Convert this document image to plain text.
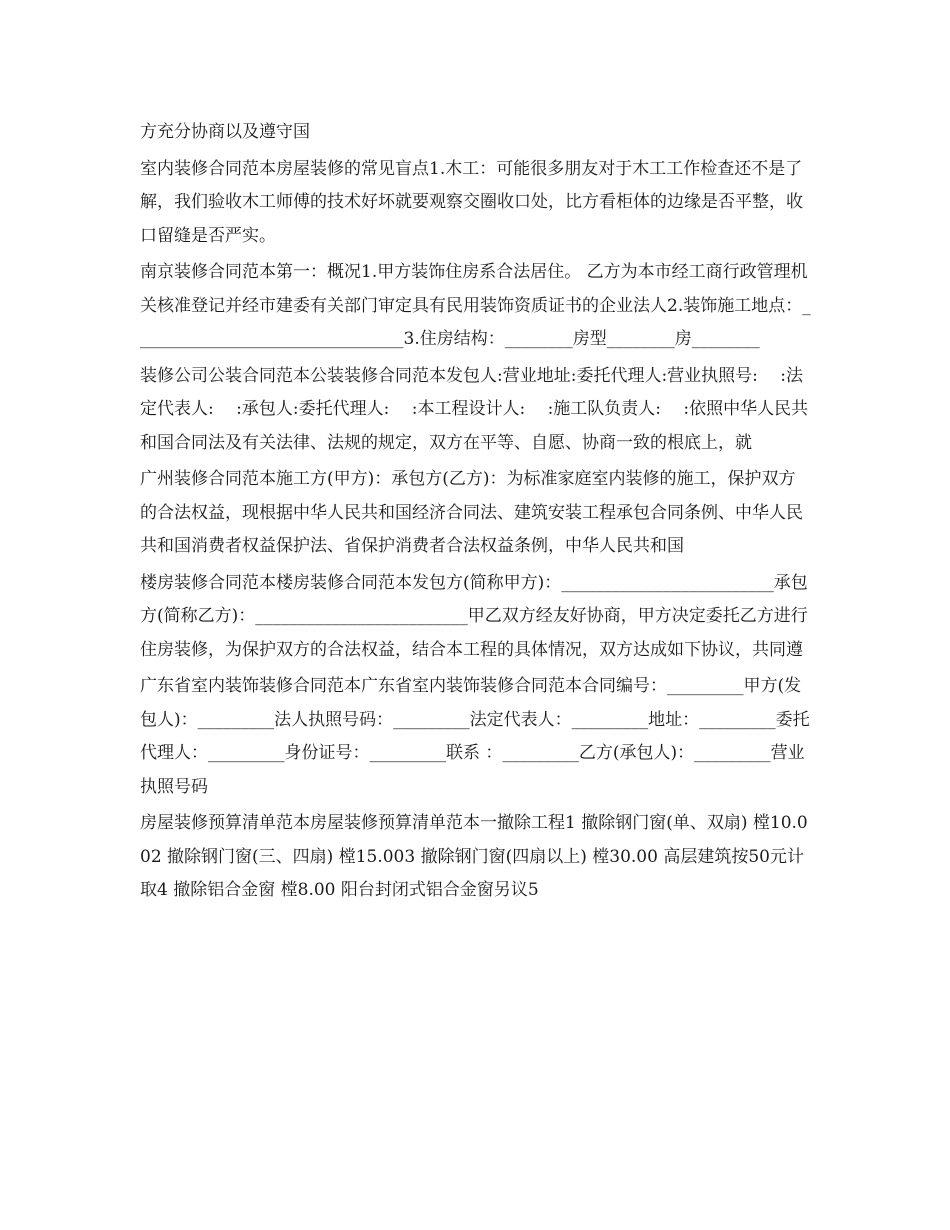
方充分协商以及遵守国

室内装修合同范本房屋装修的常见盲点1.木工：可能很多朋友对于木工工作检查还不是了解，我们验收木工师傅的技术好坏就要观察交圈收口处，比方看柜体的边缘是否平整，收口留缝是否严实。

南京装修合同范本第一：概况1.甲方装饰住房系合法居住。 乙方为本市经工商行政管理机关核准登记并经市建委有关部门审定具有民用装饰资质证书的企业法人2.装饰施工地点：________________________________3.住房结构：________房型________房________

装修公司公装合同范本公装装修合同范本发包人:营业地址:委托代理人:营业执照号:　 :法定代表人:　 :承包人:委托代理人:　 :本工程设计人:　 :施工队负责人:　 :依照中华人民共和国合同法及有关法律、法规的规定，双方在平等、自愿、协商一致的根底上，就

广州装修合同范本施工方(甲方)：承包方(乙方)：为标准家庭室内装修的施工，保护双方的合法权益，现根据中华人民共和国经济合同法、建筑安装工程承包合同条例、中华人民共和国消费者权益保护法、省保护消费者合法权益条例，中华人民共和国

楼房装修合同范本楼房装修合同范本发包方(简称甲方)：_________________________承包方(简称乙方)：_________________________甲乙双方经友好协商，甲方决定委托乙方进行住房装修，为保护双方的合法权益，结合本工程的具体情况，双方达成如下协议，共同遵

广东省室内装饰装修合同范本广东省室内装饰装修合同范本合同编号：_________甲方(发包人)：_________法人执照号码：_________法定代表人：_________地址：_________委托代理人：_________身份证号：_________联系 ：_________乙方(承包人)：_________营业执照号码

房屋装修预算清单范本房屋装修预算清单范本一撤除工程1 撤除钢门窗(单、双扇) 樘10.002 撤除钢门窗(三、四扇) 樘15.003 撤除钢门窗(四扇以上) 樘30.00 高层建筑按50元计取4 撤除铝合金窗 樘8.00 阳台封闭式铝合金窗另议5
